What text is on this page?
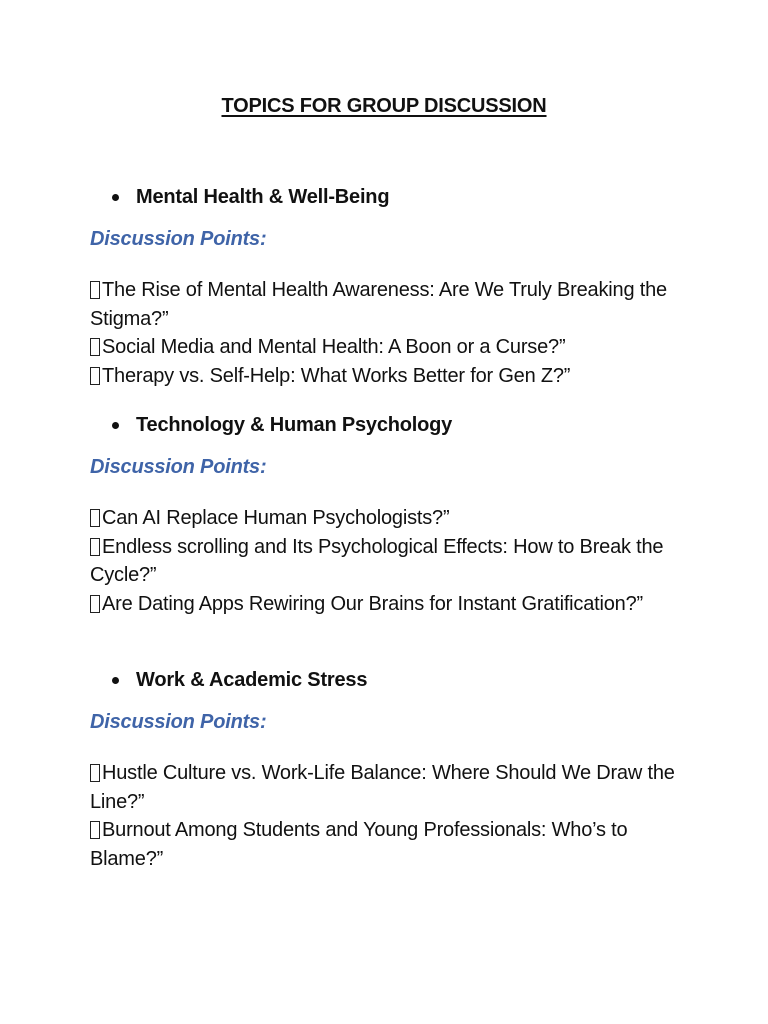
TOPICS FOR GROUP DISCUSSION
Mental Health & Well-Being
Discussion Points:
The Rise of Mental Health Awareness: Are We Truly Breaking the Stigma?”
Social Media and Mental Health: A Boon or a Curse?”
Therapy vs. Self-Help: What Works Better for Gen Z?”
Technology & Human Psychology
Discussion Points:
Can AI Replace Human Psychologists?”
Endless scrolling and Its Psychological Effects: How to Break the Cycle?”
Are Dating Apps Rewiring Our Brains for Instant Gratification?”
Work & Academic Stress
Discussion Points:
Hustle Culture vs. Work-Life Balance: Where Should We Draw the Line?”
Burnout Among Students and Young Professionals: Who’s to Blame?”
